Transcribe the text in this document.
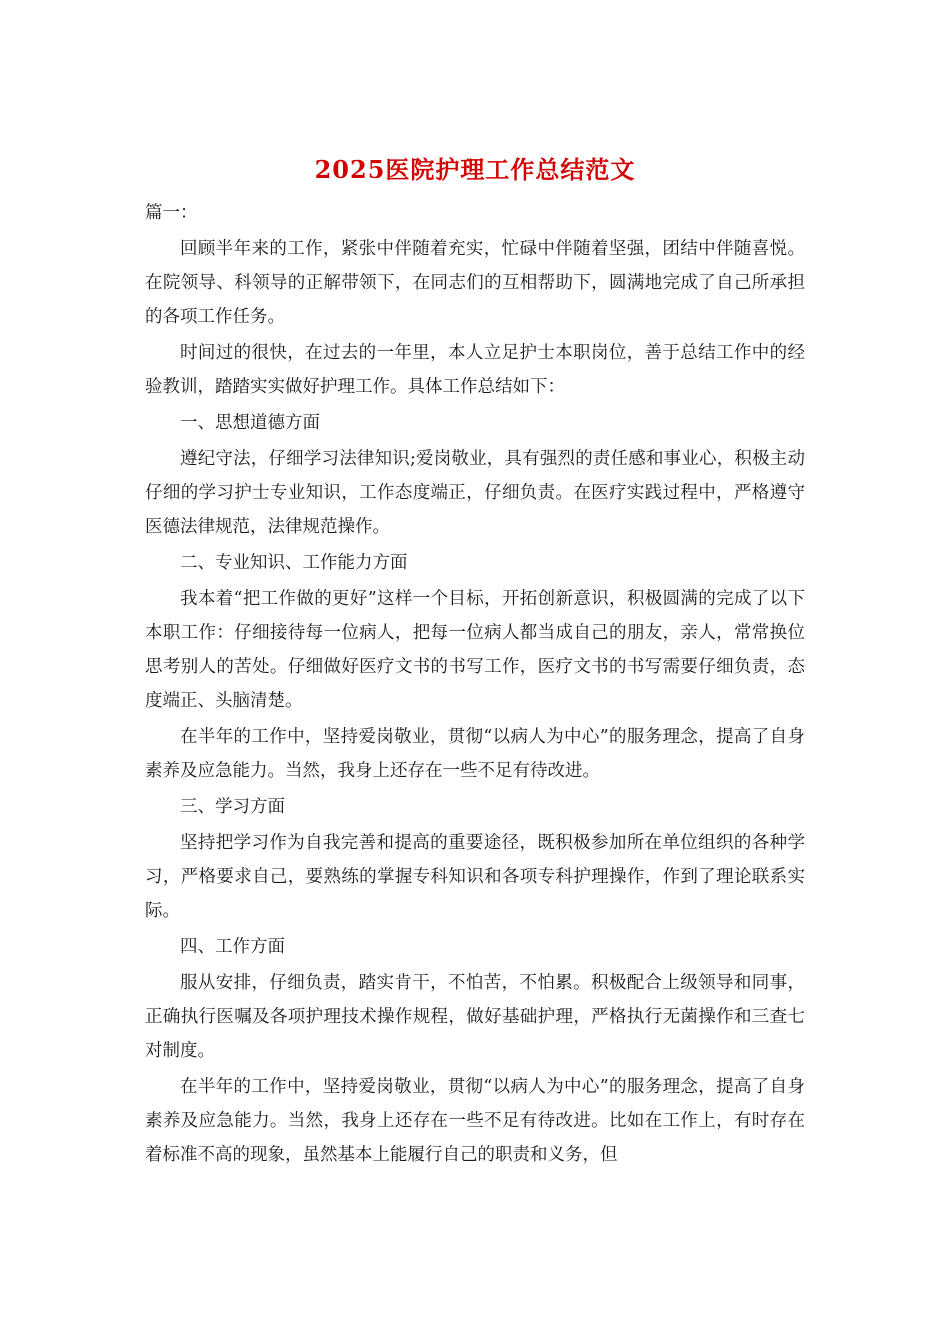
2025医院护理工作总结范文

篇一：

回顾半年来的工作，紧张中伴随着充实，忙碌中伴随着坚强，团结中伴随喜悦。在院领导、科领导的正解带领下，在同志们的互相帮助下，圆满地完成了自己所承担的各项工作任务。

时间过的很快，在过去的一年里，本人立足护士本职岗位，善于总结工作中的经验教训，踏踏实实做好护理工作。具体工作总结如下：

一、思想道德方面

遵纪守法，仔细学习法律知识;爱岗敬业，具有强烈的责任感和事业心，积极主动仔细的学习护士专业知识，工作态度端正，仔细负责。在医疗实践过程中，严格遵守医德法律规范，法律规范操作。

二、专业知识、工作能力方面

我本着“把工作做的更好”这样一个目标，开拓创新意识，积极圆满的完成了以下本职工作：仔细接待每一位病人，把每一位病人都当成自己的朋友，亲人，常常换位思考别人的苦处。仔细做好医疗文书的书写工作，医疗文书的书写需要仔细负责，态度端正、头脑清楚。

在半年的工作中，坚持爱岗敬业，贯彻“以病人为中心”的服务理念，提高了自身素养及应急能力。当然，我身上还存在一些不足有待改进。

三、学习方面

坚持把学习作为自我完善和提高的重要途径，既积极参加所在单位组织的各种学习，严格要求自己，要熟练的掌握专科知识和各项专科护理操作，作到了理论联系实际。

四、工作方面

服从安排，仔细负责，踏实肯干，不怕苦，不怕累。积极配合上级领导和同事，正确执行医嘱及各项护理技术操作规程，做好基础护理，严格执行无菌操作和三查七对制度。

在半年的工作中，坚持爱岗敬业，贯彻“以病人为中心”的服务理念，提高了自身素养及应急能力。当然，我身上还存在一些不足有待改进。比如在工作上，有时存在着标准不高的现象，虽然基本上能履行自己的职责和义务，但
